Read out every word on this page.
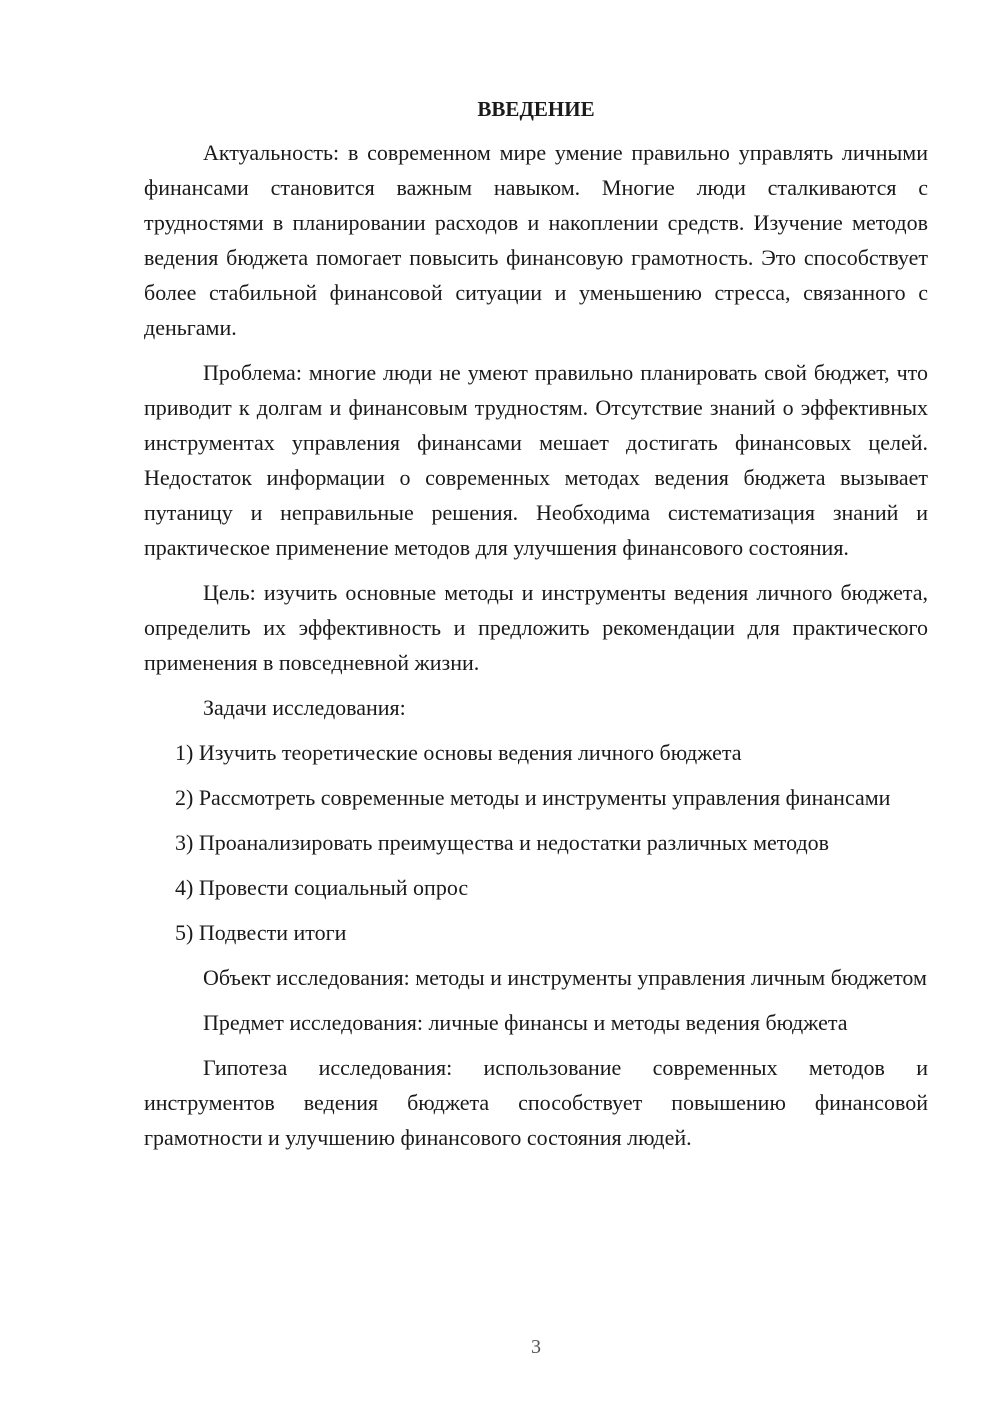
ВВЕДЕНИЕ

Актуальность: в современном мире умение правильно управлять личными финансами становится важным навыком. Многие люди сталкиваются с трудностями в планировании расходов и накоплении средств. Изучение методов ведения бюджета помогает повысить финансовую грамотность. Это способствует более стабильной финансовой ситуации и уменьшению стресса, связанного с деньгами.

Проблема: многие люди не умеют правильно планировать свой бюджет, что приводит к долгам и финансовым трудностям. Отсутствие знаний о эффективных инструментах управления финансами мешает достигать финансовых целей. Недостаток информации о современных методах ведения бюджета вызывает путаницу и неправильные решения. Необходима систематизация знаний и практическое применение методов для улучшения финансового состояния.

Цель: изучить основные методы и инструменты ведения личного бюджета, определить их эффективность и предложить рекомендации для практического применения в повседневной жизни.

Задачи исследования:

1) Изучить теоретические основы ведения личного бюджета

2) Рассмотреть современные методы и инструменты управления финансами

3) Проанализировать преимущества и недостатки различных методов

4) Провести социальный опрос

5) Подвести итоги

Объект исследования: методы и инструменты управления личным бюджетом

Предмет исследования: личные финансы и методы ведения бюджета

Гипотеза исследования: использование современных методов и инструментов ведения бюджета способствует повышению финансовой грамотности и улучшению финансового состояния людей.

3
